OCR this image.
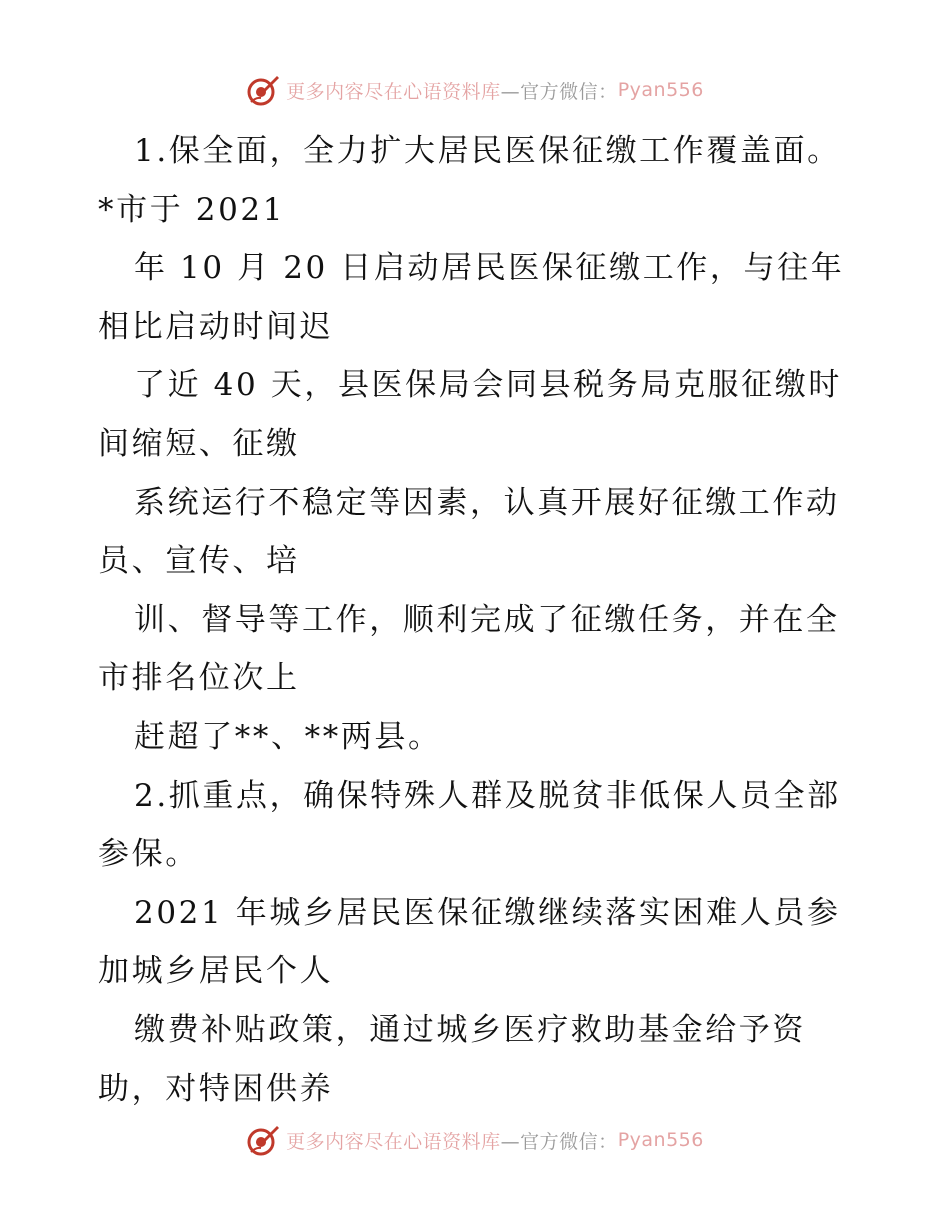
更多内容尽在心语资料库 —官方微信： Pyan556
1.保全面，全力扩大居民医保征缴工作覆盖面。
*市于 2021
年 10 月 20 日启动居民医保征缴工作，与往年
相比启动时间迟
了近 40 天，县医保局会同县税务局克服征缴时
间缩短、征缴
系统运行不稳定等因素，认真开展好征缴工作动
员、宣传、培
训、督导等工作，顺利完成了征缴任务，并在全
市排名位次上
赶超了**、**两县。
2.抓重点，确保特殊人群及脱贫非低保人员全部
参保。
2021 年城乡居民医保征缴继续落实困难人员参
加城乡居民个人
缴费补贴政策，通过城乡医疗救助基金给予资
助，对特困供养
更多内容尽在心语资料库 —官方微信： Pyan556
